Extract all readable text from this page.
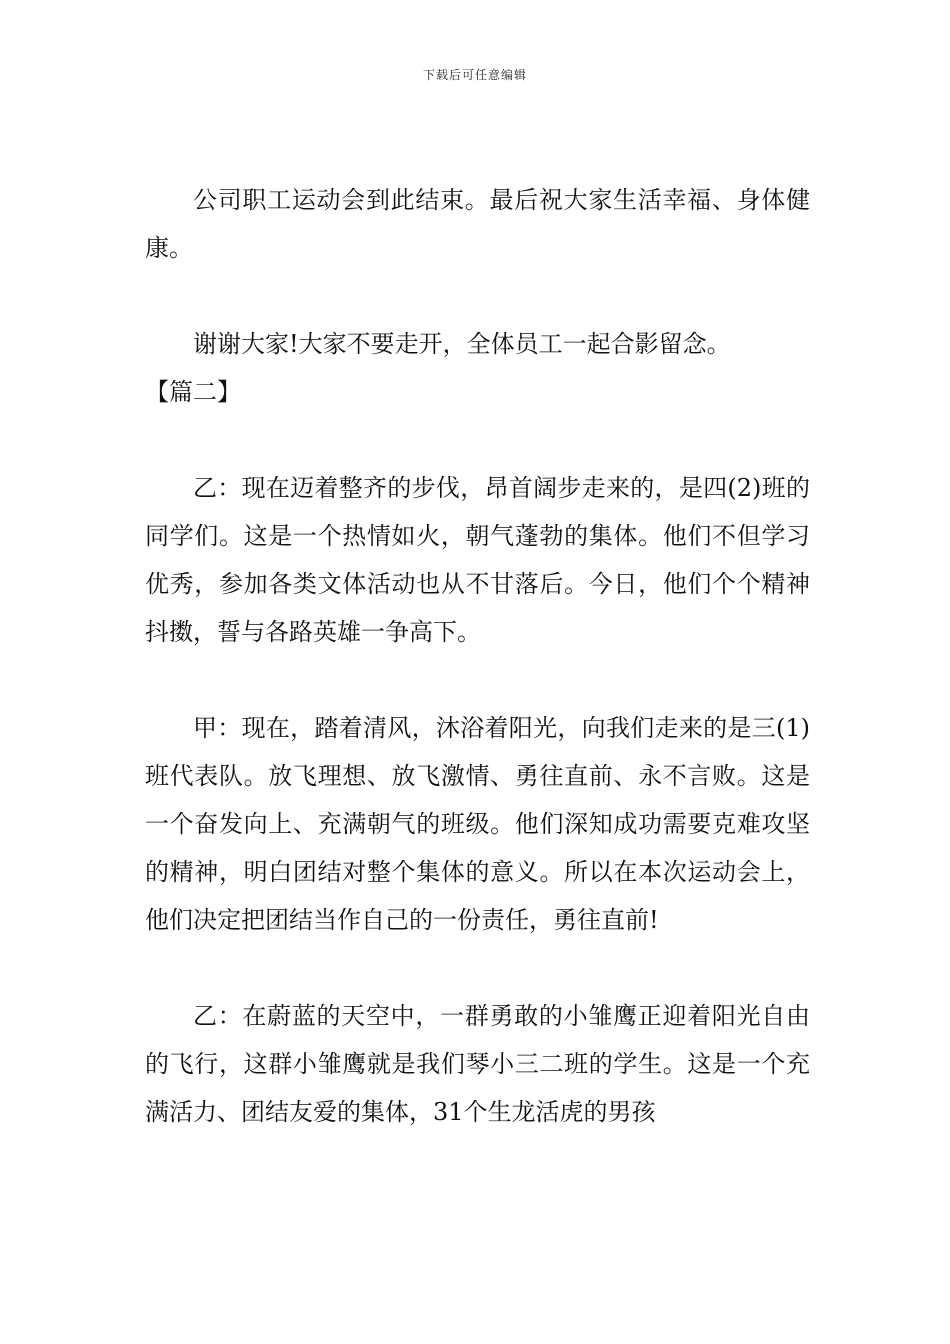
下载后可任意编辑

公司职工运动会到此结束。最后祝大家生活幸福、身体健康。

谢谢大家!大家不要走开，全体员工一起合影留念。

【篇二】

乙：现在迈着整齐的步伐，昂首阔步走来的，是四(2)班的同学们。这是一个热情如火，朝气蓬勃的集体。他们不但学习优秀，参加各类文体活动也从不甘落后。今日，他们个个精神抖擞，誓与各路英雄一争高下。

甲：现在，踏着清风，沐浴着阳光，向我们走来的是三(1)班代表队。放飞理想、放飞激情、勇往直前、永不言败。这是一个奋发向上、充满朝气的班级。他们深知成功需要克难攻坚的精神，明白团结对整个集体的意义。所以在本次运动会上，他们决定把团结当作自己的一份责任，勇往直前!

乙：在蔚蓝的天空中，一群勇敢的小雏鹰正迎着阳光自由的飞行，这群小雏鹰就是我们琴小三二班的学生。这是一个充满活力、团结友爱的集体，31个生龙活虎的男孩
